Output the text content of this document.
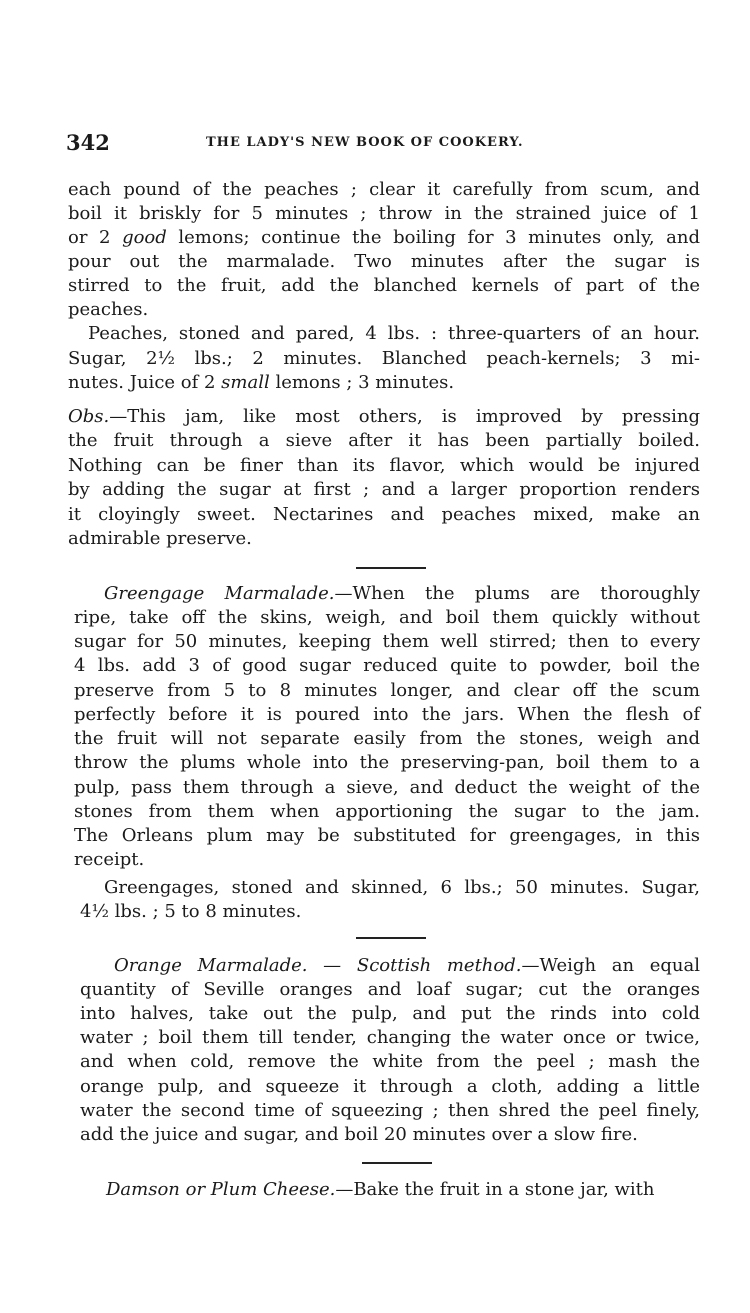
342	THE LADY'S NEW BOOK OF COOKERY.
each pound of the peaches ; clear it carefully from scum, and
boil it briskly for 5 minutes ; throw in the strained juice of 1
or 2 good lemons; continue the boiling for 3 minutes only, and
pour out the marmalade. Two minutes after the sugar is
stirred to the fruit, add the blanched kernels of part of the
peaches.
Peaches, stoned and pared, 4 lbs. : three-quarters of an hour.
Sugar, 2½ lbs.; 2 minutes. Blanched peach-kernels; 3 mi-
nutes. Juice of 2 small lemons ; 3 minutes.
Obs.—This jam, like most others, is improved by pressing
the fruit through a sieve after it has been partially boiled.
Nothing can be finer than its flavor, which would be injured
by adding the sugar at first ; and a larger proportion renders
it cloyingly sweet. Nectarines and peaches mixed, make an
admirable preserve.
Greengage Marmalade.—When the plums are thoroughly
ripe, take off the skins, weigh, and boil them quickly without
sugar for 50 minutes, keeping them well stirred; then to every
4 lbs. add 3 of good sugar reduced quite to powder, boil the
preserve from 5 to 8 minutes longer, and clear off the scum
perfectly before it is poured into the jars. When the flesh of
the fruit will not separate easily from the stones, weigh and
throw the plums whole into the preserving-pan, boil them to a
pulp, pass them through a sieve, and deduct the weight of the
stones from them when apportioning the sugar to the jam.
The Orleans plum may be substituted for greengages, in this
receipt.
Greengages, stoned and skinned, 6 lbs.; 50 minutes. Sugar,
4½ lbs. ; 5 to 8 minutes.
Orange Marmalade. — Scottish method.—Weigh an equal
quantity of Seville oranges and loaf sugar; cut the oranges
into halves, take out the pulp, and put the rinds into cold
water ; boil them till tender, changing the water once or twice,
and when cold, remove the white from the peel ; mash the
orange pulp, and squeeze it through a cloth, adding a little
water the second time of squeezing ; then shred the peel finely,
add the juice and sugar, and boil 20 minutes over a slow fire.
Damson or Plum Cheese.—Bake the fruit in a stone jar, with
